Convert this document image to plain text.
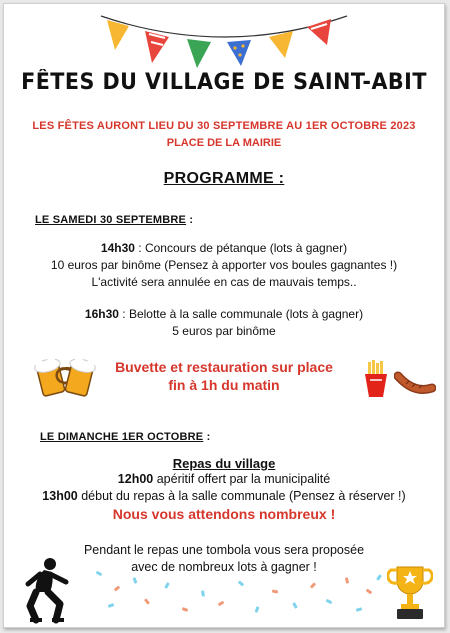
FÊTES DU VILLAGE DE SAINT-ABIT
LES FÊTES AURONT LIEU DU 30 SEPTEMBRE AU 1ER OCTOBRE 2023
PLACE DE LA MAIRIE
PROGRAMME :
LE SAMEDI 30 SEPTEMBRE :
14h30 : Concours de pétanque (lots à gagner)
10 euros par binôme (Pensez à apporter vos boules gagnantes !)
L'activité sera annulée en cas de mauvais temps..
16h30 : Belotte à la salle communale (lots à gagner)
5 euros par binôme
Buvette et restauration sur place
fin à 1h du matin
LE DIMANCHE 1ER OCTOBRE :
Repas du village
12h00 apéritif offert par la municipalité
13h00 début du repas à la salle communale (Pensez à réserver !)
Nous vous attendons nombreux !
Pendant le repas une tombola vous sera proposée
avec de nombreux lots à gagner !
